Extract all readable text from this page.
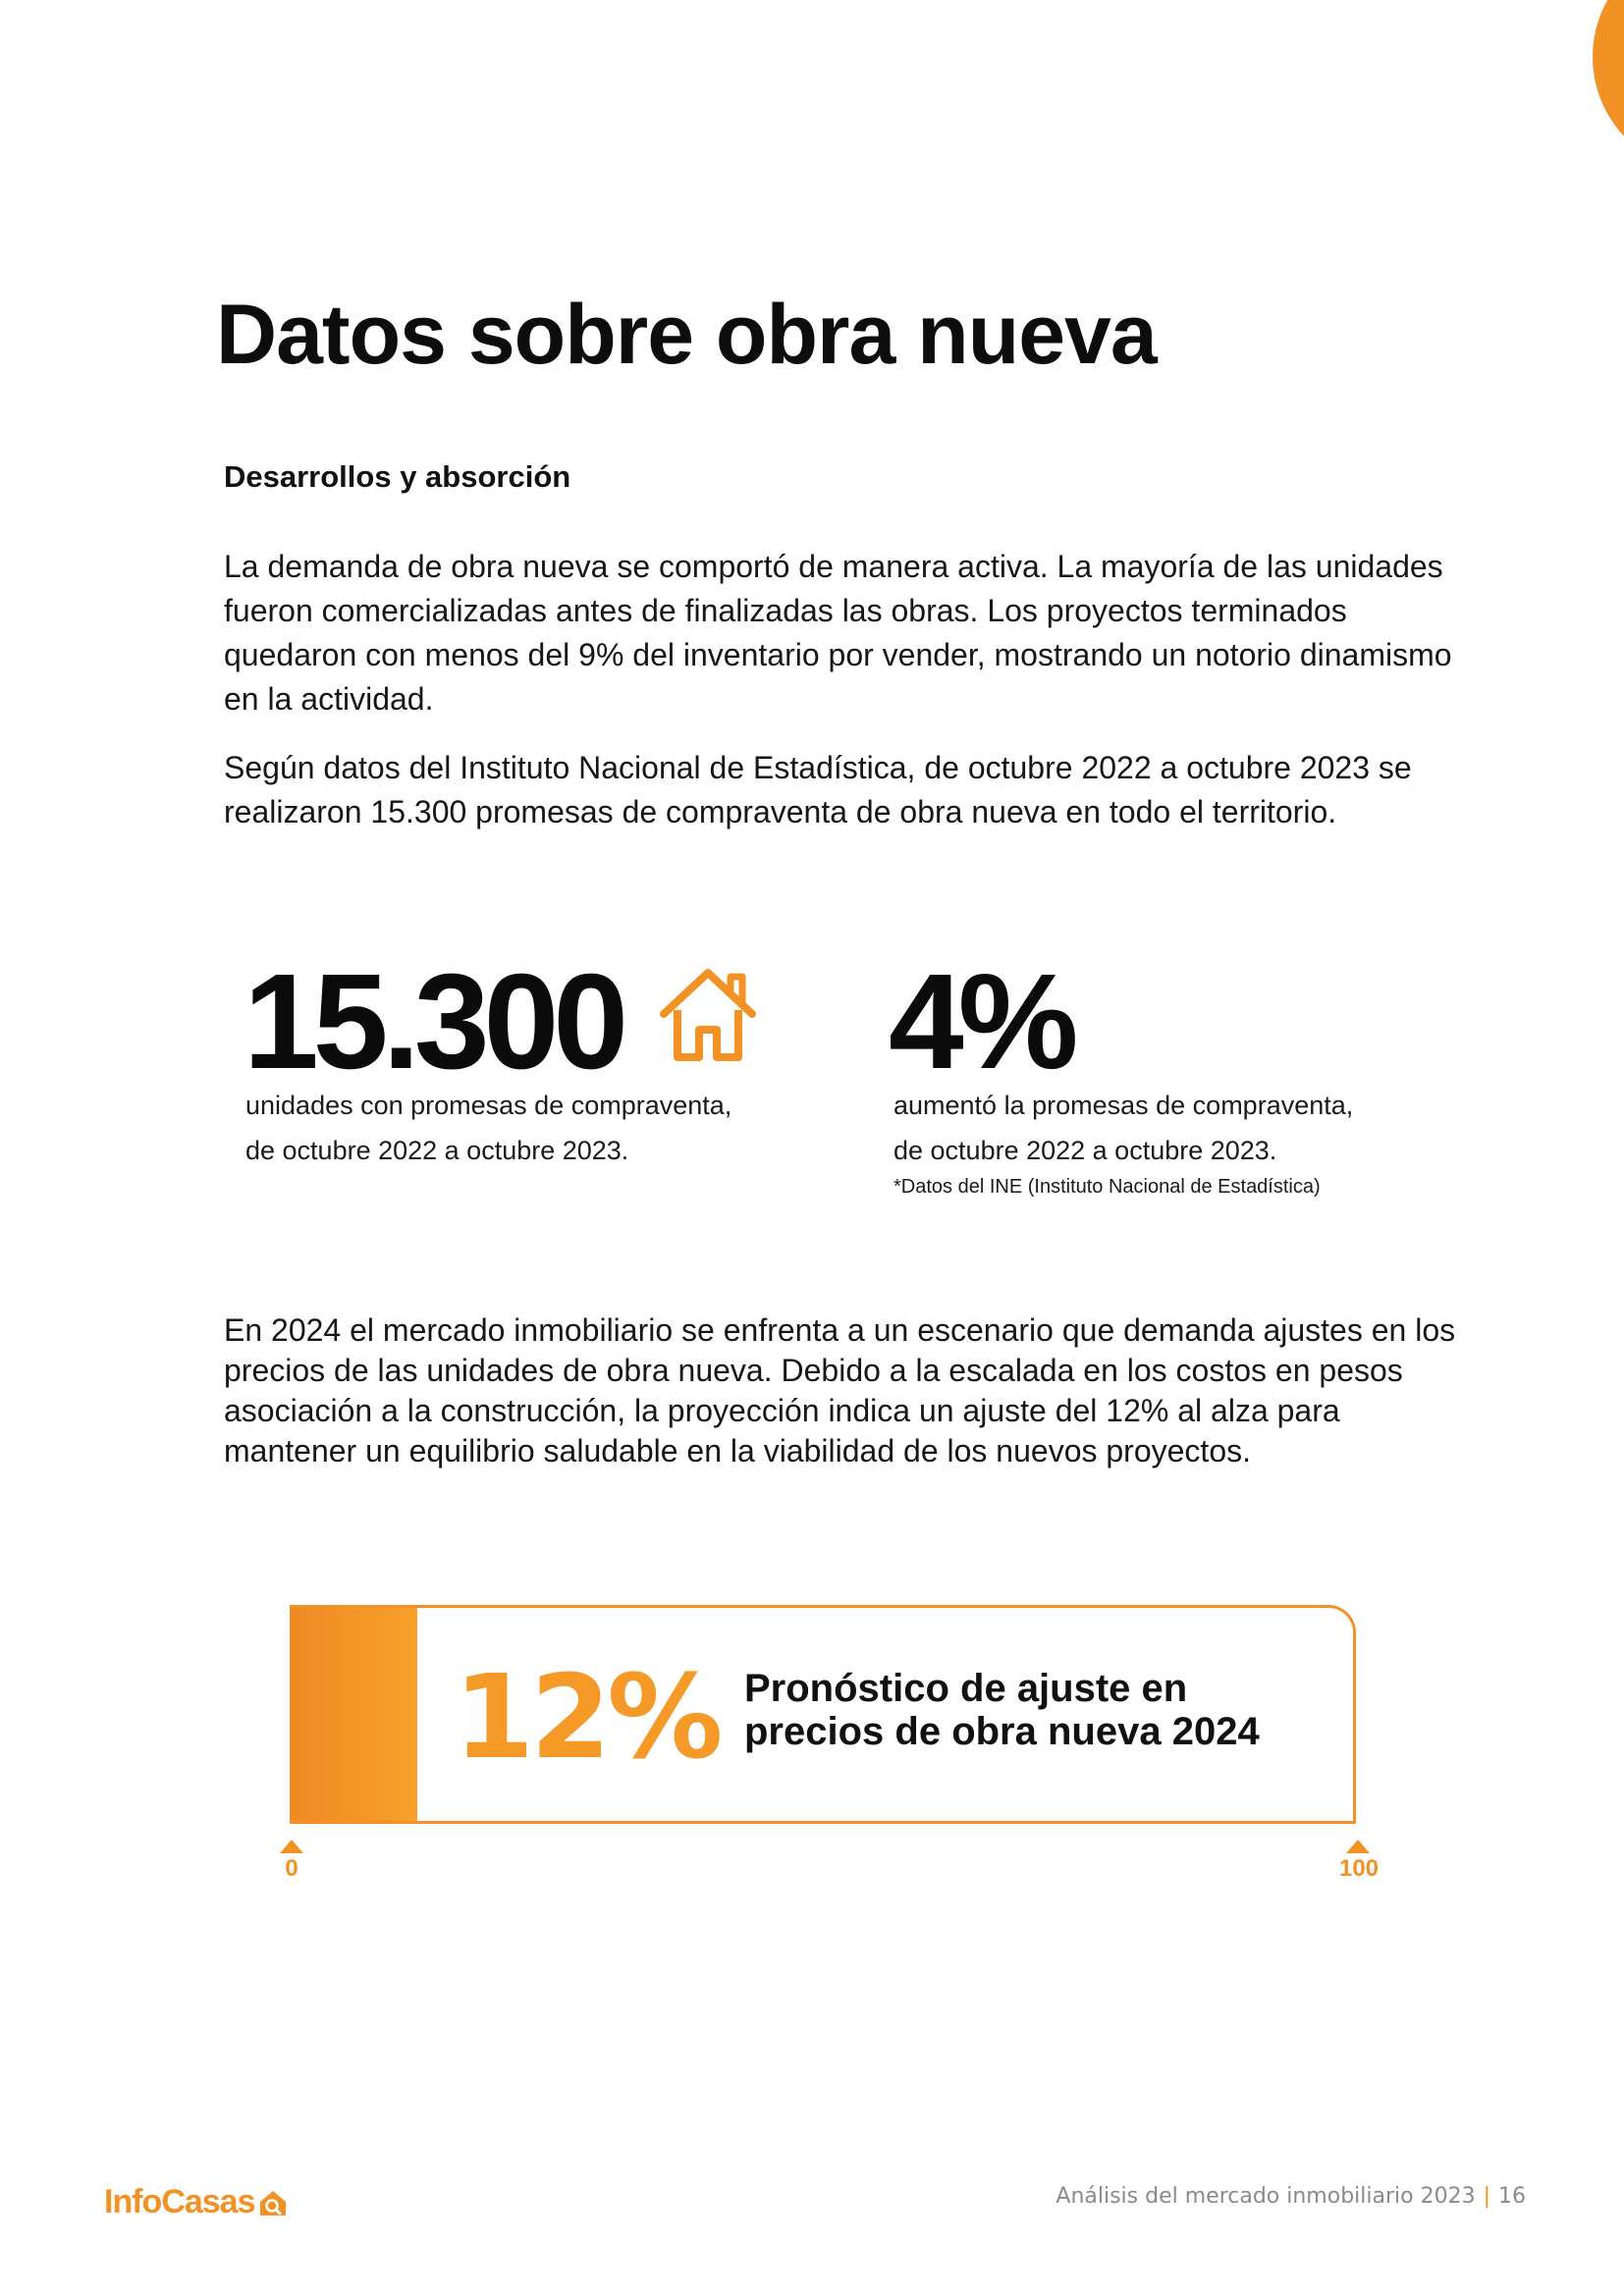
Datos sobre obra nueva
Desarrollos y absorción

La demanda de obra nueva se comportó de manera activa. La mayoría de las unidades fueron comercializadas antes de finalizadas las obras. Los proyectos terminados quedaron con menos del 9% del inventario por vender, mostrando un notorio dinamismo en la actividad.

Según datos del Instituto Nacional de Estadística, de octubre 2022 a octubre 2023 se realizaron 15.300 promesas de compraventa de obra nueva en todo el territorio.

15.300

unidades con promesas de compraventa,
de octubre 2022 a octubre 2023.

4%

aumentó la promesas de compraventa,
de octubre 2022 a octubre 2023.

*Datos del INE (Instituto Nacional de Estadística)

En 2024 el mercado inmobiliario se enfrenta a un escenario que demanda ajustes en los precios de las unidades de obra nueva. Debido a la escalada en los costos en pesos asociación a la construcción, la proyección indica un ajuste del 12% al alza para mantener un equilibrio saludable en la viabilidad de los nuevos proyectos.

12% Pronóstico de ajuste en
precios de obra nueva 2024

0	100

Info Casas	Análisis del mercado inmobiliario 2023 | 16
